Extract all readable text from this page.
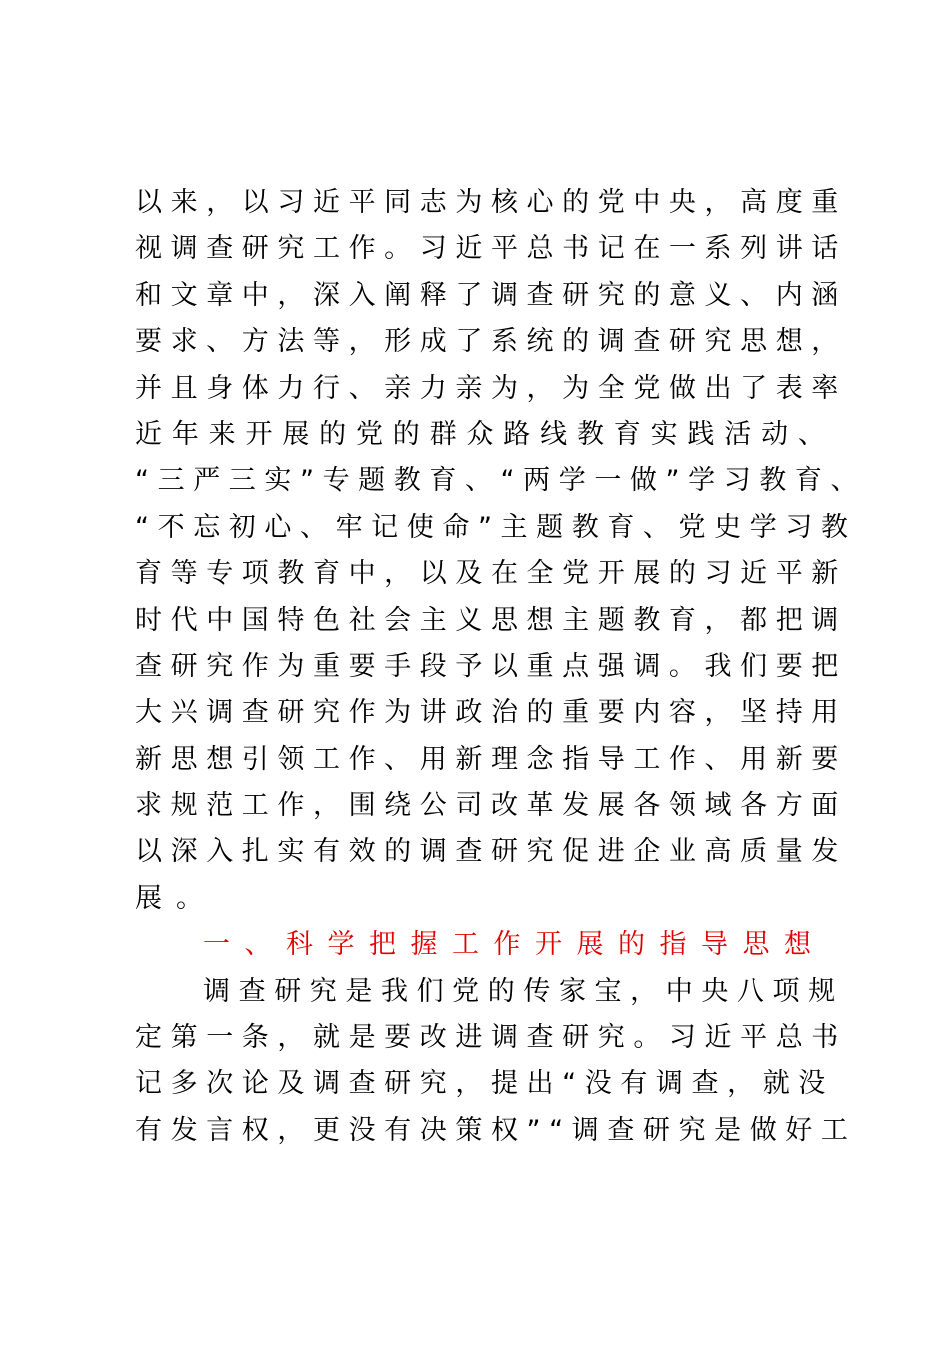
以 来 ， 以 习 近 平 同 志 为 核 心 的 党 中 央 ， 高 度 重
视 调 查 研 究 工 作 。 习 近 平 总 书 记 在 一 系 列 讲 话
和 文 章 中 ， 深 入 阐 释 了 调 查 研 究 的 意 义 、 内 涵
要 求 、 方 法 等 ， 形 成 了 系 统 的 调 查 研 究 思 想 ，
并 且 身 体 力 行 、 亲 力 亲 为 ， 为 全 党 做 出 了 表 率
近 年 来 开 展 的 党 的 群 众 路 线 教 育 实 践 活 动 、
“ 三 严 三 实 ” 专 题 教 育 、 “ 两 学 一 做 ” 学 习 教 育 、
“ 不 忘 初 心 、 牢 记 使 命 ” 主 题 教 育 、 党 史 学 习 教
育 等 专 项 教 育 中 ， 以 及 在 全 党 开 展 的 习 近 平 新
时 代 中 国 特 色 社 会 主 义 思 想 主 题 教 育 ， 都 把 调
查 研 究 作 为 重 要 手 段 予 以 重 点 强 调 。 我 们 要 把
大 兴 调 查 研 究 作 为 讲 政 治 的 重 要 内 容 ， 坚 持 用
新 思 想 引 领 工 作 、 用 新 理 念 指 导 工 作 、 用 新 要
求 规 范 工 作 ， 围 绕 公 司 改 革 发 展 各 领 域 各 方 面
以 深 入 扎 实 有 效 的 调 查 研 究 促 进 企 业 高 质 量 发
展。
一、科学把握工作开展的指导思想
调 查 研 究 是 我 们 党 的 传 家 宝 ， 中 央 八 项 规
定 第 一 条 ， 就 是 要 改 进 调 查 研 究 。 习 近 平 总 书
记 多 次 论 及 调 查 研 究 ， 提 出 “ 没 有 调 查 ， 就 没
有 发 言 权 ， 更 没 有 决 策 权 ” “ 调 查 研 究 是 做 好 工
